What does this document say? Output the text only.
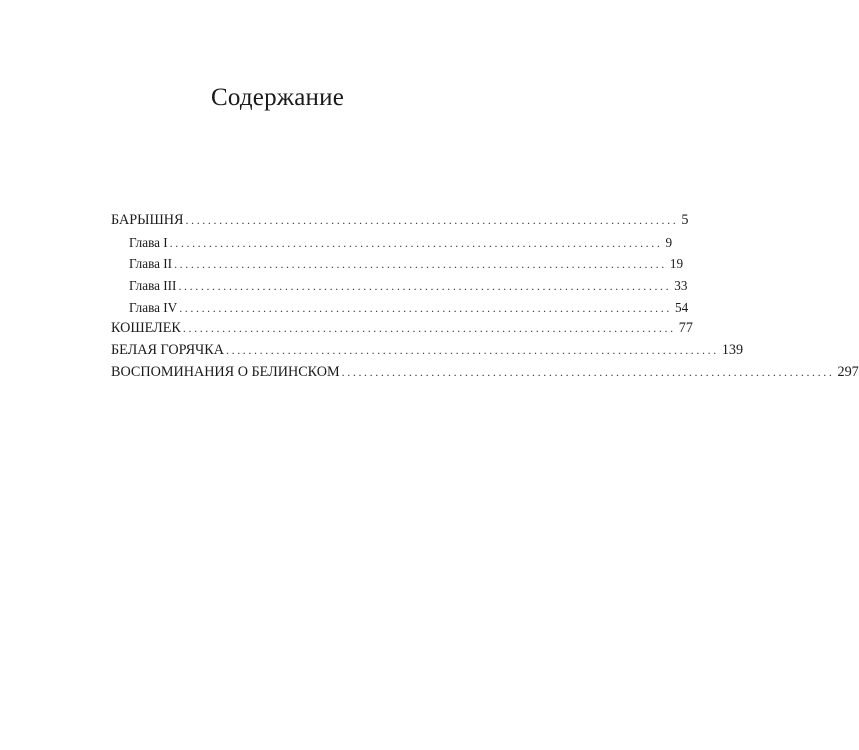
Содержание
БАРЫШНЯ ........................................................................................ 5
Глава I ........................................................................................ 9
Глава II ........................................................................................ 19
Глава III ........................................................................................ 33
Глава IV ........................................................................................ 54
КОШЕЛЕК ........................................................................................ 77
БЕЛАЯ ГОРЯЧКА ........................................................................................ 139
ВОСПОМИНАНИЯ О БЕЛИНСКОМ ........................................................................................ 297
